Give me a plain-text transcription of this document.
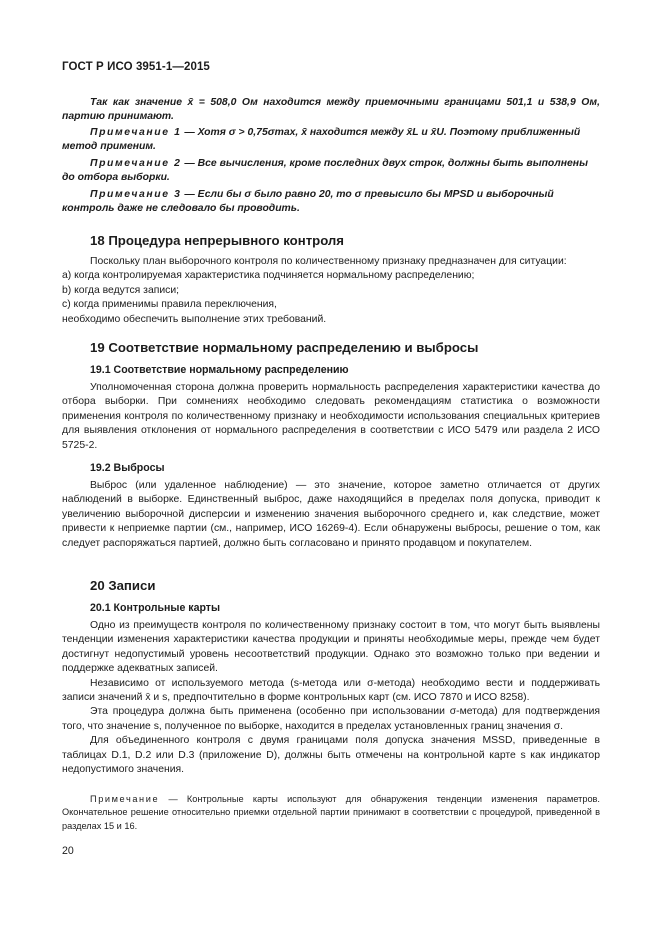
ГОСТ Р ИСО 3951-1—2015

Так как значение x̄ = 508,0 Ом находится между приемочными границами 501,1 и 538,9 Ом, партию принимают.

Примечание 1 — Хотя σ > 0,75σmax, x̄ находится между x̄L и x̄U. Поэтому приближенный метод применим.

Примечание 2 — Все вычисления, кроме последних двух строк, должны быть выполнены до отбора выборки.

Примечание 3 — Если бы σ было равно 20, то σ превысило бы MPSD и выборочный контроль даже не следовало бы проводить.

18 Процедура непрерывного контроля

Поскольку план выборочного контроля по количественному признаку предназначен для ситуации:

a) когда контролируемая характеристика подчиняется нормальному распределению;

b) когда ведутся записи;

c) когда применимы правила переключения,

необходимо обеспечить выполнение этих требований.

19 Соответствие нормальному распределению и выбросы
19.1 Соответствие нормальному распределению

Уполномоченная сторона должна проверить нормальность распределения характеристики качества до отбора выборки. При сомнениях необходимо следовать рекомендациям статистика о возможности применения контроля по количественному признаку и необходимости использования специальных критериев для выявления отклонения от нормального распределения в соответствии с ИСО 5479 или раздела 2 ИСО 5725-2.

19.2 Выбросы

Выброс (или удаленное наблюдение) — это значение, которое заметно отличается от других наблюдений в выборке. Единственный выброс, даже находящийся в пределах поля допуска, приводит к увеличению выборочной дисперсии и изменению значения выборочного среднего и, как следствие, может привести к неприемке партии (см., например, ИСО 16269-4). Если обнаружены выбросы, решение о том, как следует распоряжаться партией, должно быть согласовано и принято продавцом и покупателем.

20 Записи
20.1 Контрольные карты

Одно из преимуществ контроля по количественному признаку состоит в том, что могут быть выявлены тенденции изменения характеристики качества продукции и приняты необходимые меры, прежде чем будет достигнут недопустимый уровень несоответствий продукции. Однако это возможно только при ведении и поддержке адекватных записей.

Независимо от используемого метода (s-метода или σ-метода) необходимо вести и поддерживать записи значений x̄ и s, предпочтительно в форме контрольных карт (см. ИСО 7870 и ИСО 8258).

Эта процедура должна быть применена (особенно при использовании σ-метода) для подтверждения того, что значение s, полученное по выборке, находится в пределах установленных границ значения σ.

Для объединенного контроля с двумя границами поля допуска значения MSSD, приведенные в таблицах D.1, D.2 или D.3 (приложение D), должны быть отмечены на контрольной карте s как индикатор недопустимого значения.

Примечание — Контрольные карты используют для обнаружения тенденции изменения параметров. Окончательное решение относительно приемки отдельной партии принимают в соответствии с процедурой, приведенной в разделах 15 и 16.

20
